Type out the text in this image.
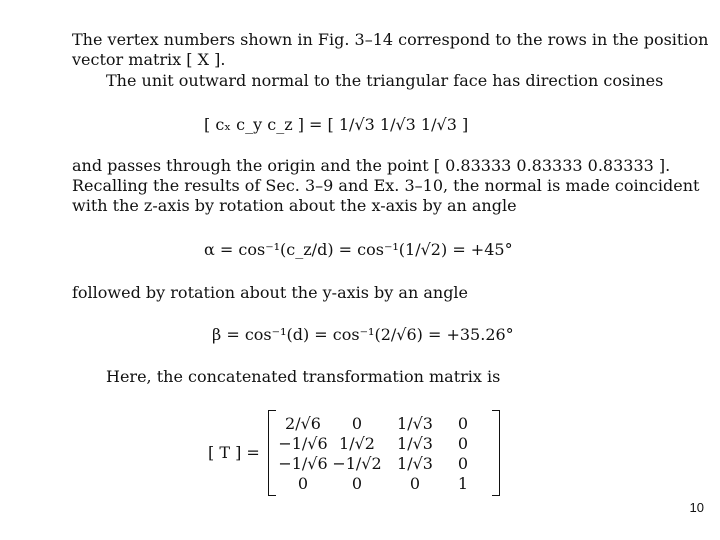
The vertex numbers shown in Fig. 3–14 correspond to the rows in the position
vector matrix [ X ].
The unit outward normal to the triangular face has direction cosines
[ cₓ c_y c_z ] = [ 1/√3 1/√3 1/√3 ]
and passes through the origin and the point [ 0.83333 0.83333 0.83333 ].
Recalling the results of Sec. 3–9 and Ex. 3–10, the normal is made coincident
with the z-axis by rotation about the x-axis by an angle
α = cos⁻¹(c_z/d) = cos⁻¹(1/√2) = +45°
followed by rotation about the y-axis by an angle
β = cos⁻¹(d) = cos⁻¹(2/√6) = +35.26°
Here, the concatenated transformation matrix is
[ T ] =
2/√6	0	1/√3	0
−1/√6 1/√2	1/√3	0
−1/√6 −1/√2 1/√3	0
0	0	0	1
10
